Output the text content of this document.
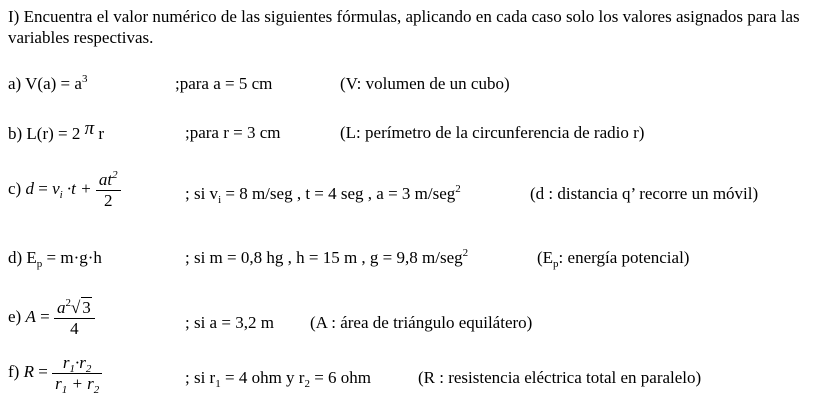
I) Encuentra el valor numérico de las siguientes fórmulas, aplicando en cada caso solo los valores asignados para las variables respectivas.
a) $V(a) = a^3$	;para a = 5 cm	(V: volumen de un cubo)
b) L(r) = 2 π r	;para r = 3 cm	(L: perímetro de la circunferencia de radio r)
c) $d = v_i \cdot t + \frac{at^2}{2}$	; si $v_i = 8$ m/seg , t = 4 seg , a = 3 m/seg$^2$	(d : distancia q’ recorre un móvil)
d) $E_p = m\cdot g\cdot h$	; si m = 0,8 hg , h = 15 m , g = 9,8 m/seg$^2$	($E_p$: energía potencial)
e) $A = \frac{a^2√ 3}{4}$	; si a = 3,2 m (A : área de triángulo equilátero)
f) $R = \frac{r_1\cdot r_2}{r_1 + r_2}$	; si $r_1 = 4$ ohm y $r_2 = 6$ ohm	(R : resistencia eléctrica total en paralelo)
